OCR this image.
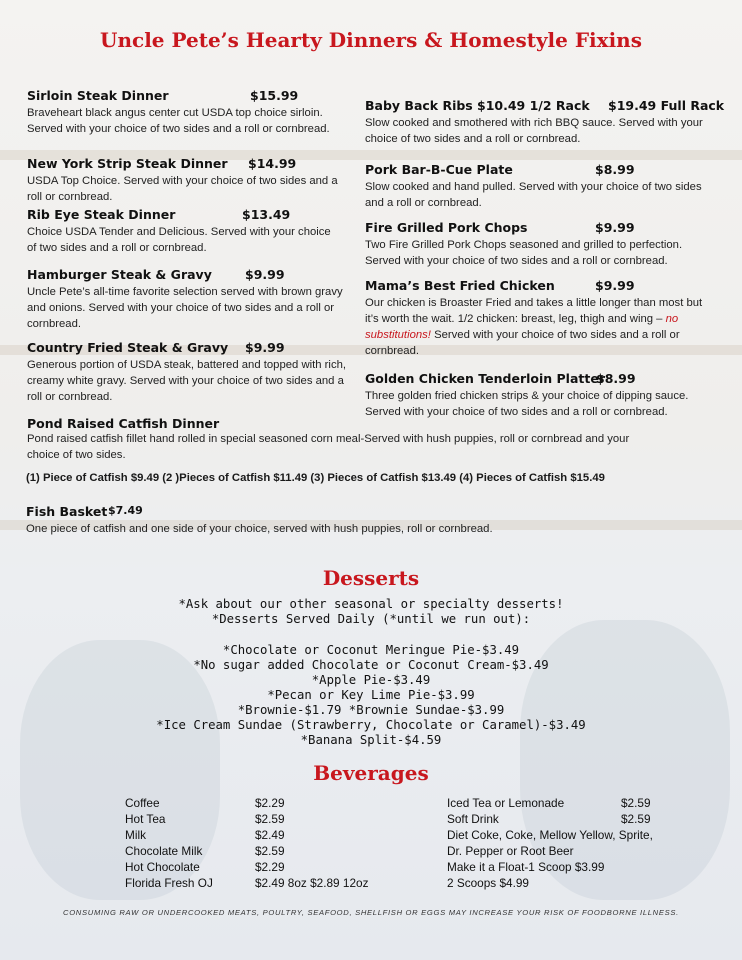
Uncle Pete’s Hearty Dinners & Homestyle Fixins
Sirloin Steak Dinner	$15.99
Braveheart black angus center cut USDA top choice sirloin. Served with your choice of two sides and a roll or cornbread.
New York Strip Steak Dinner $14.99
USDA Top Choice. Served with your choice of two sides and a roll or cornbread.
Rib Eye Steak Dinner	$13.49
Choice USDA Tender and Delicious. Served with your choice of two sides and a roll or cornbread.
Hamburger Steak & Gravy	$9.99
Uncle Pete’s all-time favorite selection served with brown gravy and onions. Served with your choice of two sides and a roll or cornbread.
Country Fried Steak & Gravy $9.99
Generous portion of USDA steak, battered and topped with rich, creamy white gravy. Served with your choice of two sides and a roll or cornbread.
Baby Back Ribs $10.49 1/2 Rack $19.49 Full Rack
Slow cooked and smothered with rich BBQ sauce. Served with your choice of two sides and a roll or cornbread.
Pork Bar-B-Cue Plate	$8.99
Slow cooked and hand pulled. Served with your choice of two sides and a roll or cornbread.
Fire Grilled Pork Chops	$9.99
Two Fire Grilled Pork Chops seasoned and grilled to perfection. Served with your choice of two sides and a roll or cornbread.
Mama’s Best Fried Chicken	$9.99
Our chicken is Broaster Fried and takes a little longer than most but it’s worth the wait. 1/2 chicken: breast, leg, thigh and wing – no substitutions! Served with your choice of two sides and a roll or cornbread.
Golden Chicken Tenderloin Platter
$8.99
Three golden fried chicken strips & your choice of dipping sauce. Served with your choice of two sides and a roll or cornbread.
Pond Raised Catfish Dinner
Pond raised catfish fillet hand rolled in special seasoned corn meal-Served with hush puppies, roll or cornbread and your choice of two sides.
(1) Piece of Catfish $9.49 (2 )Pieces of Catfish $11.49 (3) Pieces of Catfish $13.49 (4) Pieces of Catfish $15.49
Fish Basket $7.49
One piece of catfish and one side of your choice, served with hush puppies, roll or cornbread.
Desserts
*Ask about our other seasonal or specialty desserts!
*Desserts Served Daily (*until we run out):
*Chocolate or Coconut Meringue Pie-$3.49
*No sugar added Chocolate or Coconut Cream-$3.49
*Apple Pie-$3.49
*Pecan or Key Lime Pie-$3.99
*Brownie-$1.79 *Brownie Sundae-$3.99
*Ice Cream Sundae (Strawberry, Chocolate or Caramel)-$3.49
*Banana Split-$4.59
Beverages
Coffee	$2.29
Hot Tea	$2.59
Milk	$2.49
Chocolate Milk	$2.59
Hot Chocolate	$2.29
Florida Fresh OJ	$2.49 8oz $2.89 12oz
Iced Tea or Lemonade	$2.59
Soft Drink	$2.59
Diet Coke, Coke, Mellow Yellow, Sprite,
Dr. Pepper or Root Beer
Make it a Float-1 Scoop $3.99
2 Scoops $4.99
CONSUMING RAW OR UNDERCOOKED MEATS, POULTRY, SEAFOOD, SHELLFISH OR EGGS MAY INCREASE YOUR RISK OF FOODBORNE ILLNESS.
